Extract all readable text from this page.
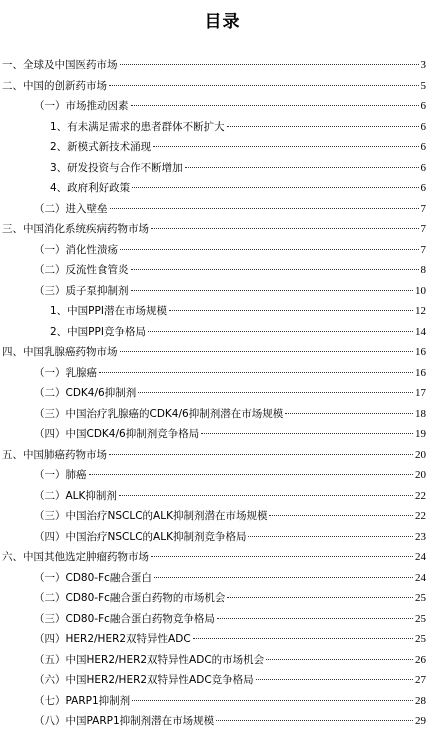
目录
一、全球及中国医药市场	3
二、中国的创新药市场	5
（一）市场推动因素	6
1、有未满足需求的患者群体不断扩大	6
2、新模式新技术涌现	6
3、研发投资与合作不断增加	6
4、政府利好政策	6
（二）进入壁垒	7
三、中国消化系统疾病药物市场	7
（一）消化性溃疡	7
（二）反流性食管炎	8
（三）质子泵抑制剂	10
1、中国PPI潜在市场规模	12
2、中国PPI竞争格局	14
四、中国乳腺癌药物市场	16
（一）乳腺癌	16
（二）CDK4/6抑制剂	17
（三）中国治疗乳腺癌的CDK4/6抑制剂潜在市场规模	18
（四）中国CDK4/6抑制剂竞争格局	19
五、中国肺癌药物市场	20
（一）肺癌	20
（二）ALK抑制剂	22
（三）中国治疗NSCLC的ALK抑制剂潜在市场规模	22
（四）中国治疗NSCLC的ALK抑制剂竞争格局	23
六、中国其他选定肿瘤药物市场	24
（一）CD80-Fc融合蛋白	24
（二）CD80-Fc融合蛋白药物的市场机会	25
（三）CD80-Fc融合蛋白药物竞争格局	25
（四）HER2/HER2双特异性ADC	25
（五）中国HER2/HER2双特异性ADC的市场机会	26
（六）中国HER2/HER2双特异性ADC竞争格局	27
（七）PARP1抑制剂	28
（八）中国PARP1抑制剂潜在市场规模	29
